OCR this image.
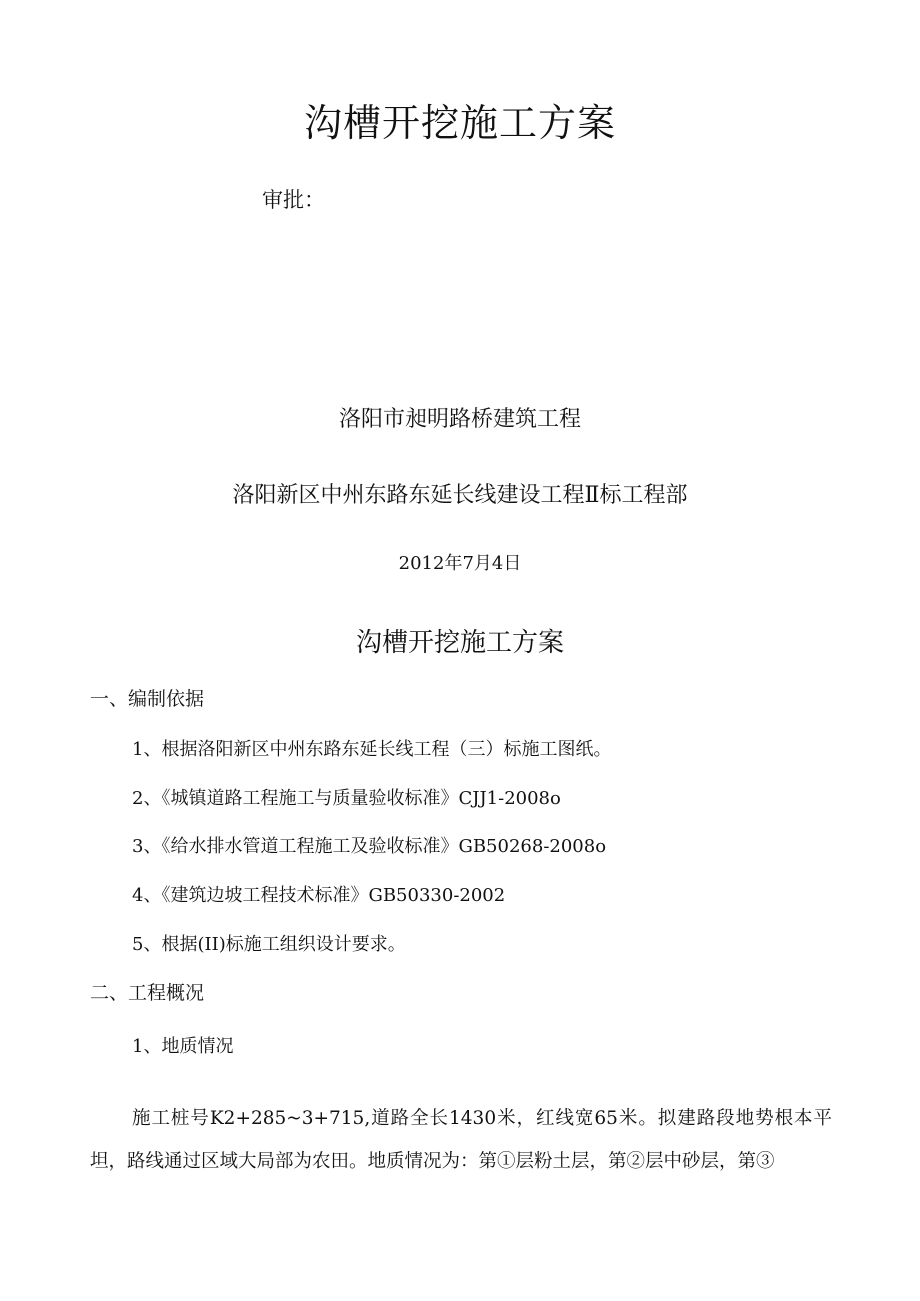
沟槽开挖施工方案
审批：
洛阳市昶明路桥建筑工程
洛阳新区中州东路东延长线建设工程Ⅱ标工程部
2012年7月4日
沟槽开挖施工方案
一、编制依据
1、根据洛阳新区中州东路东延长线工程（三）标施工图纸。
2、《城镇道路工程施工与质量验收标准》CJJ1-2008o
3、《给水排水管道工程施工及验收标准》GB50268-2008o
4、《建筑边坡工程技术标准》GB50330-2002
5、根据(II)标施工组织设计要求。
二、工程概况
1、地质情况
施工桩号K2+285~3+715,道路全长1430米，红线宽65米。拟建路段地势根本平坦，路线通过区域大局部为农田。地质情况为：第①层粉土层，第②层中砂层，第③
